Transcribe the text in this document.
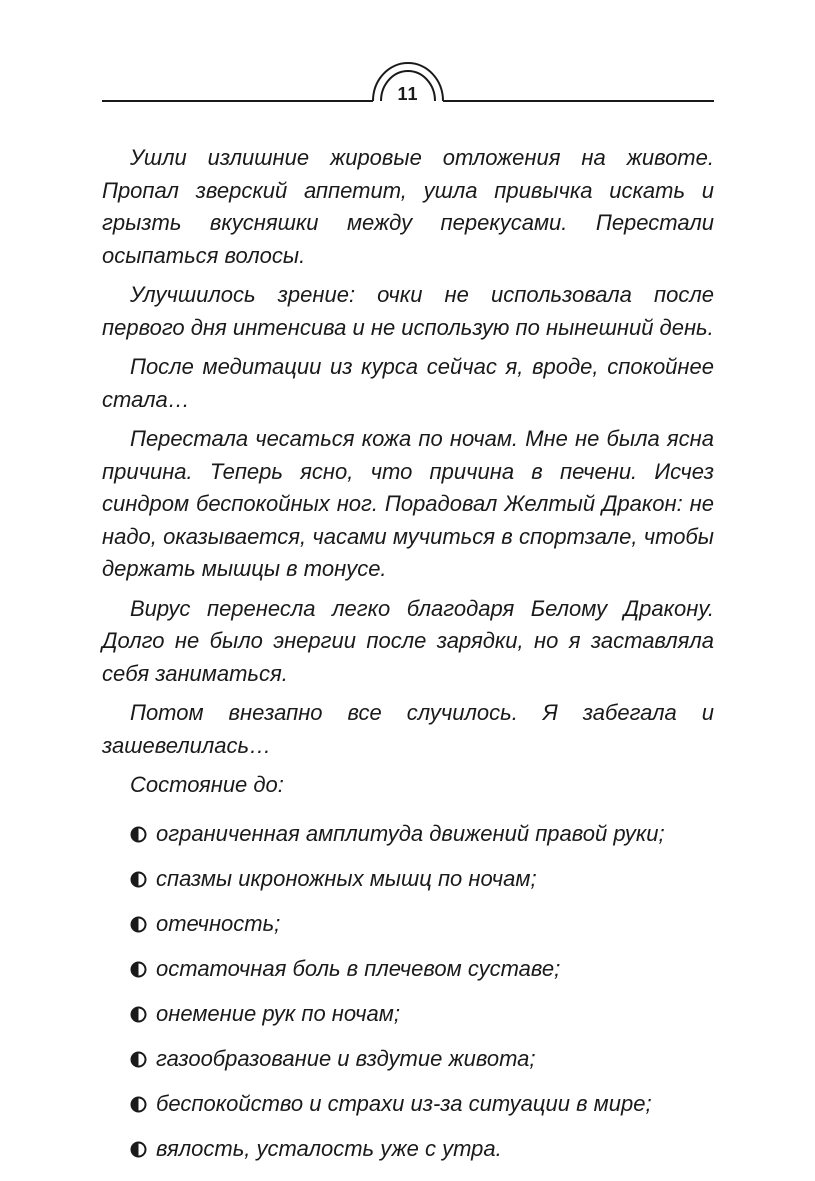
11

Ушли излишние жировые отложения на животе. Пропал зверский аппетит, ушла привычка искать и грызть вкусняшки между перекусами. Перестали осыпаться волосы.

Улучшилось зрение: очки не использовала после первого дня интенсива и не использую по нынешний день.

После медитации из курса сейчас я, вроде, спокойнее стала…

Перестала чесаться кожа по ночам. Мне не была ясна причина. Теперь ясно, что причина в печени. Исчез синдром беспокойных ног. Порадовал Желтый Дракон: не надо, оказывается, часами мучиться в спортзале, чтобы держать мышцы в тонусе.

Вирус перенесла легко благодаря Белому Дракону. Долго не было энергии после зарядки, но я заставляла себя заниматься.

Потом внезапно все случилось. Я забегала и зашевелилась…

Состояние до:

ограниченная амплитуда движений правой руки;
спазмы икроножных мышц по ночам;
отечность;
остаточная боль в плечевом суставе;
онемение рук по ночам;
газообразование и вздутие живота;
беспокойство и страхи из-за ситуации в мире;
вялость, усталость уже с утра.
